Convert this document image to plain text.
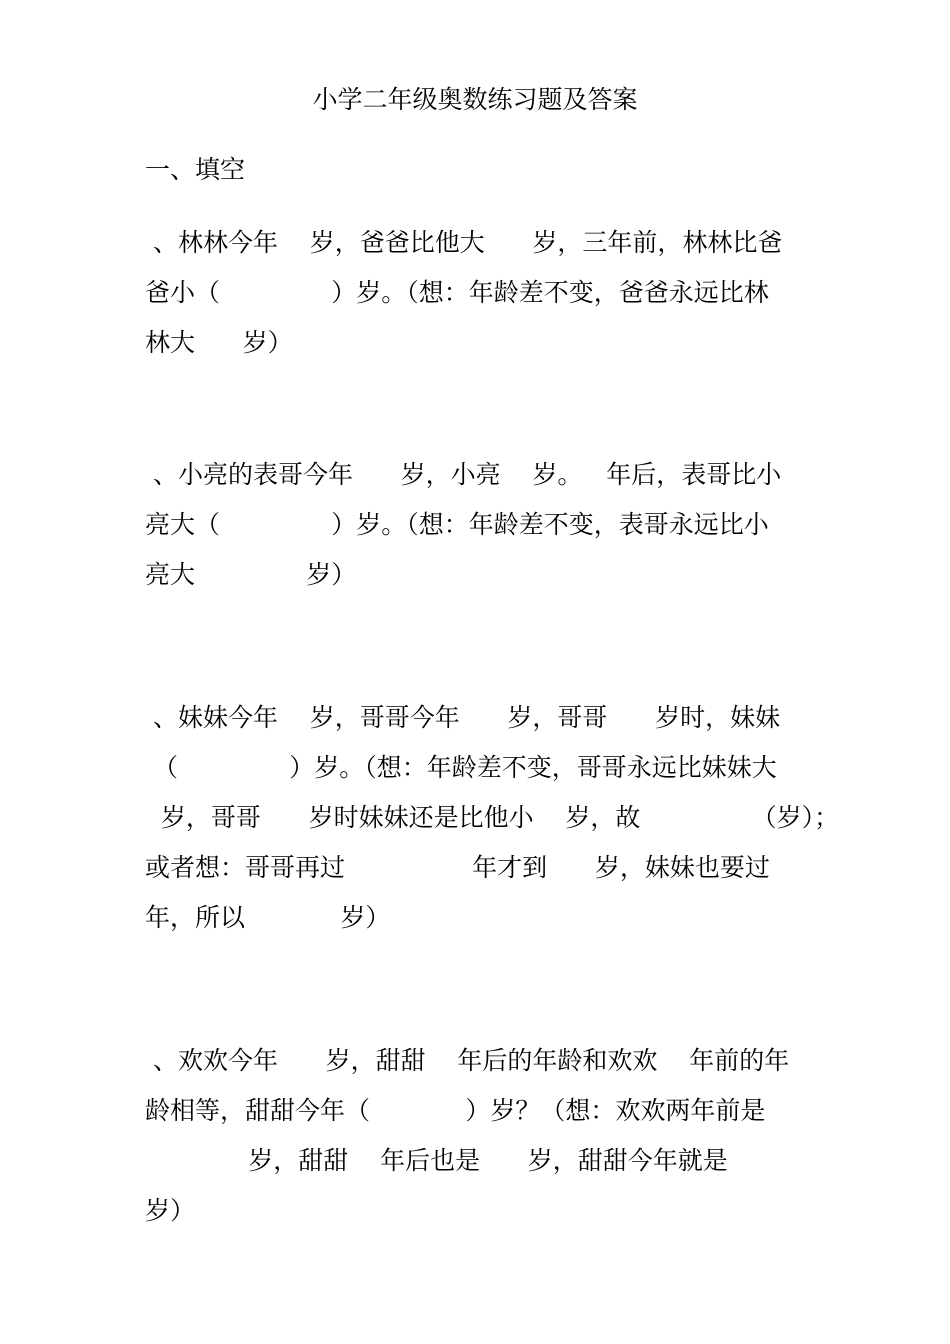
小学二年级奥数练习题及答案
一、填空
、林林今年    岁，爸爸比他大      岁，三年前，林林比爸
爸小（              ）岁。（想：年龄差不变，爸爸永远比林
林大      岁）
、小亮的表哥今年      岁，小亮    岁。   年后，表哥比小
亮大（              ）岁。（想：年龄差不变，表哥永远比小
亮大              岁）
、妹妹今年    岁，哥哥今年      岁，哥哥      岁时，妹妹
（              ）岁。（想：年龄差不变，哥哥永远比妹妹大
岁，哥哥      岁时妹妹还是比他小    岁，故              （岁）；
或者想：哥哥再过                年才到      岁，妹妹也要过
年，所以            岁）
、欢欢今年      岁，甜甜    年后的年龄和欢欢    年前的年
龄相等，甜甜今年（            ）岁？（想：欢欢两年前是
岁，甜甜    年后也是      岁，甜甜今年就是
岁）
